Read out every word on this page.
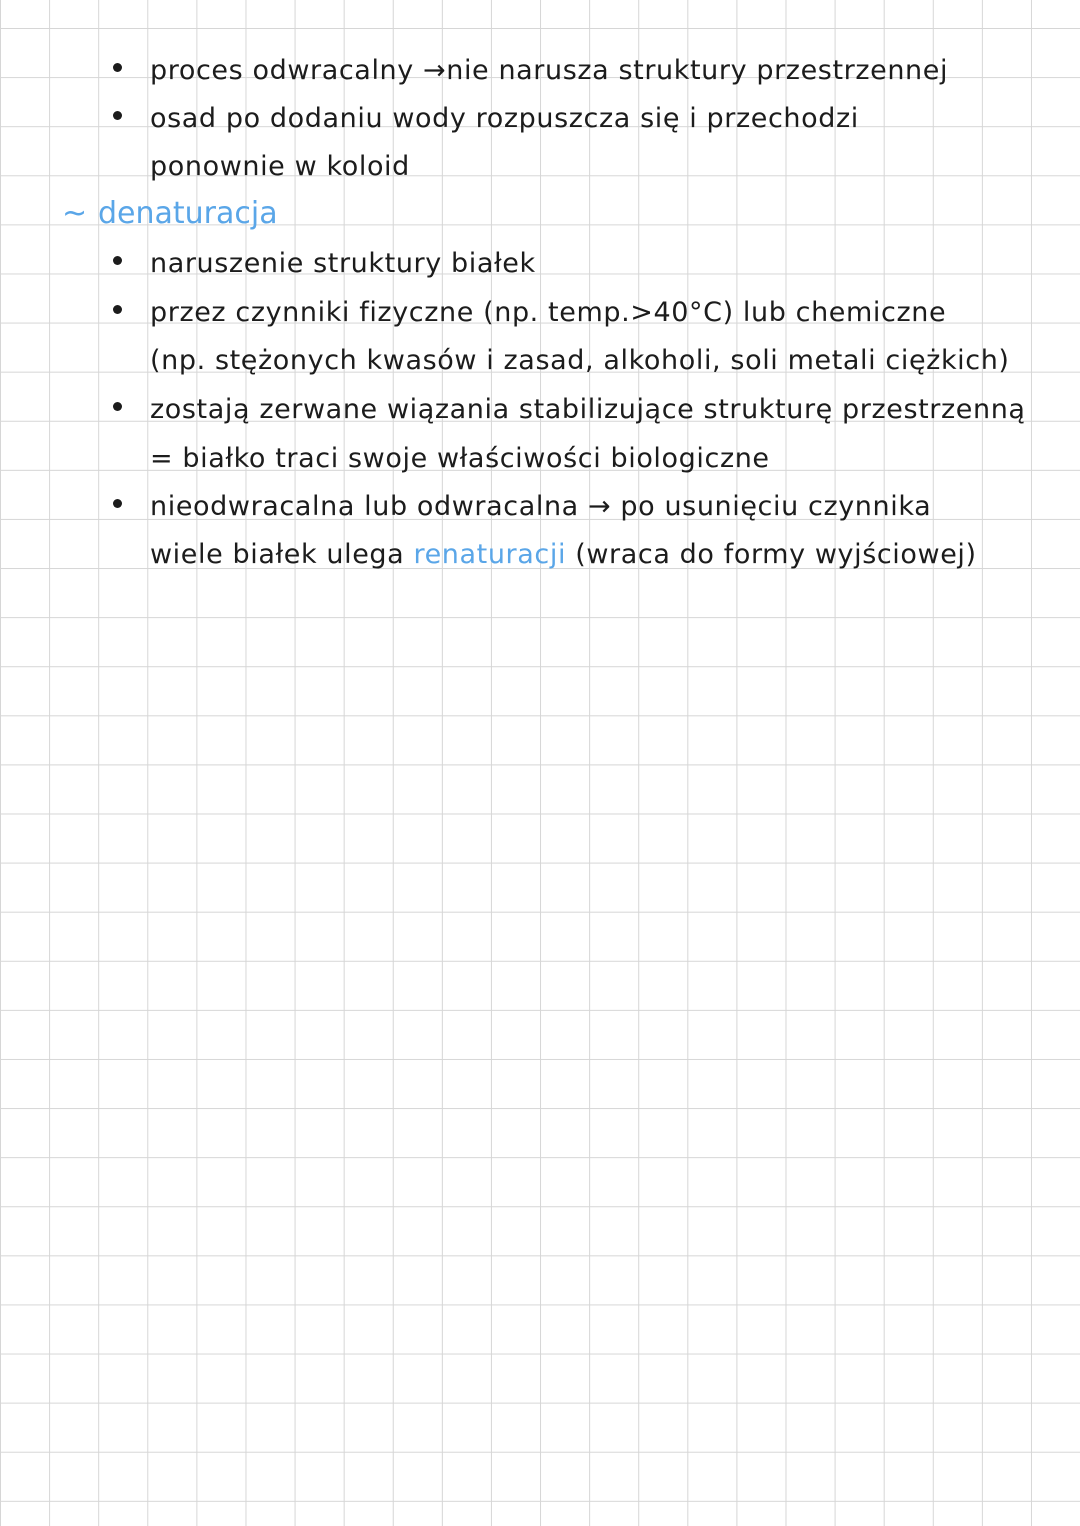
proces odwracalny →nie narusza struktury przestrzennej
osad po dodaniu wody rozpuszcza się i przechodzi
ponownie w koloid
~ denaturacja
naruszenie struktury białek
przez czynniki fizyczne (np. temp.>40°C) lub chemiczne
(np. stężonych kwasów i zasad, alkoholi, soli metali ciężkich)
zostają zerwane wiązania stabilizujące strukturę przestrzenną
= białko traci swoje właściwości biologiczne
nieodwracalna lub odwracalna → po usunięciu czynnika
wiele białek ulega renaturacji (wraca do formy wyjściowej)
